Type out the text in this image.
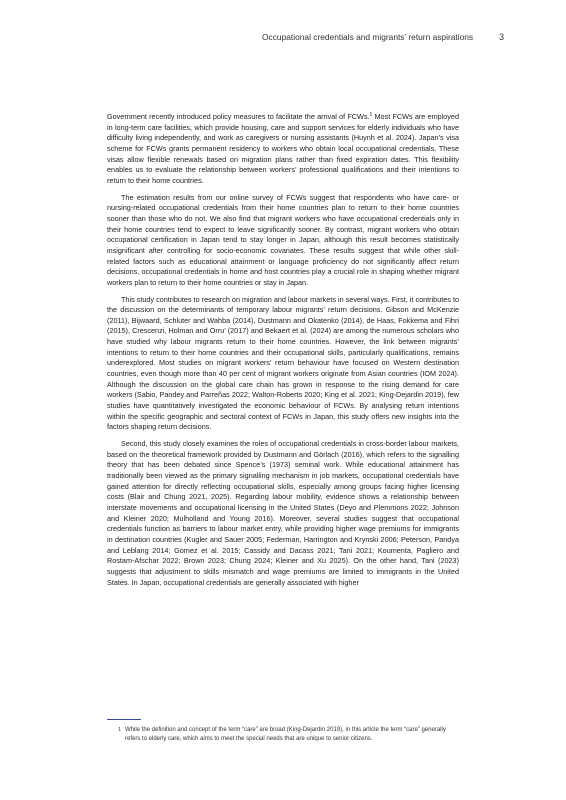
Occupational credentials and migrants’ return aspirations	3

Government recently introduced policy measures to facilitate the arrival of FCWs.$^1$ Most FCWs are employed in long-term care facilities, which provide housing, care and support services for elderly individuals who have difficulty living independently, and work as caregivers or nursing assistants (Huynh et al. 2024). Japan’s visa scheme for FCWs grants permanent residency to workers who obtain local occupational credentials. These visas allow flexible renewals based on migration plans rather than fixed expiration dates. This flexibility enables us to evaluate the relationship between workers’ professional qualifications and their intentions to return to their home countries.

The estimation results from our online survey of FCWs suggest that respondents who have care- or nursing-related occupational credentials from their home countries plan to return to their home countries sooner than those who do not. We also find that migrant workers who have occupational credentials only in their home countries tend to expect to leave significantly sooner. By contrast, migrant workers who obtain occupational certification in Japan tend to stay longer in Japan, although this result becomes statistically insignificant after controlling for socio-economic covariates. These results suggest that while other skill-related factors such as educational attainment or language proficiency do not significantly affect return decisions, occupational credentials in home and host countries play a crucial role in shaping whether migrant workers plan to return to their home countries or stay in Japan.

This study contributes to research on migration and labour markets in several ways. First, it contributes to the discussion on the determinants of temporary labour migrants’ return decisions. Gibson and McKenzie (2011), Bijwaard, Schluter and Wahba (2014), Dustmann and Okatenko (2014), de Haas, Fokkema and Fihri (2015), Crescenzi, Holman and Orru’ (2017) and Bekaert et al. (2024) are among the numerous scholars who have studied why labour migrants return to their home countries. However, the link between migrants’ intentions to return to their home countries and their occupational skills, particularly qualifications, remains underexplored. Most studies on migrant workers’ return behaviour have focused on Western destination countries, even though more than 40 per cent of migrant workers originate from Asian countries (IOM 2024). Although the discussion on the global care chain has grown in response to the rising demand for care workers (Sabio, Pandey and Parreñas 2022; Walton-Roberts 2020; King et al. 2021; King-Dejardin 2019), few studies have quantitatively investigated the economic behaviour of FCWs. By analysing return intentions within the specific geographic and sectoral context of FCWs in Japan, this study offers new insights into the factors shaping return decisions.

Second, this study closely examines the roles of occupational credentials in cross-border labour markets, based on the theoretical framework provided by Dustmann and Görlach (2016), which refers to the signalling theory that has been debated since Spence’s (1973) seminal work. While educational attainment has traditionally been viewed as the primary signalling mechanism in job markets, occupational credentials have gained attention for directly reflecting occupational skills, especially among groups facing higher licensing costs (Blair and Chung 2021, 2025). Regarding labour mobility, evidence shows a relationship between interstate movements and occupational licensing in the United States (Deyo and Plemmons 2022; Johnson and Kleiner 2020; Mulholland and Young 2016). Moreover, several studies suggest that occupational credentials function as barriers to labour market entry, while providing higher wage premiums for immigrants in destination countries (Kugler and Sauer 2005; Federman, Harrington and Krynski 2006; Peterson, Pandya and Leblang 2014; Gomez et al. 2015; Cassidy and Dacass 2021; Tani 2021; Koumenta, Pagliero and Rostam-Afschar 2022; Brown 2023; Chung 2024; Kleiner and Xu 2025). On the other hand, Tani (2023) suggests that adjustment to skills mismatch and wage premiums are limited to immigrants in the United States. In Japan, occupational credentials are generally associated with higher

1 While the definition and concept of the term “care” are broad (King-Dejardin 2019), in this article the term “care” generally refers to elderly care, which aims to meet the special needs that are unique to senior citizens.
